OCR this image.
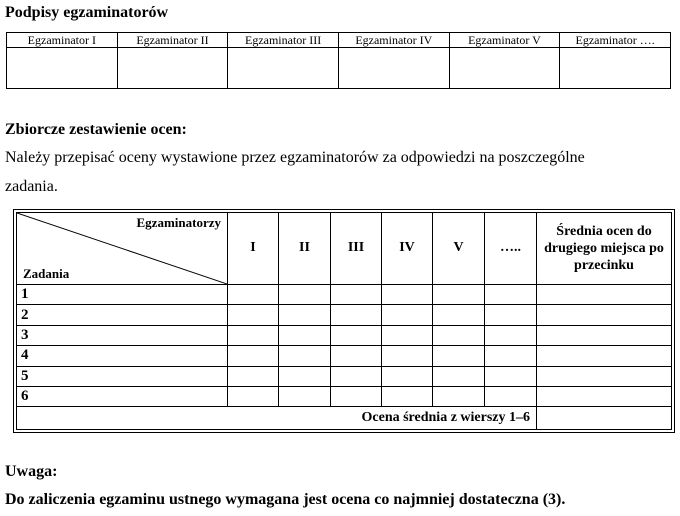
Podpisy egzaminatorów
Egzaminator I	Egzaminator II	Egzaminator III	Egzaminator IV	Egzaminator V	Egzaminator ….

Zbiorcze zestawienie ocen:
Należy przepisać oceny wystawione przez egzaminatorów za odpowiedzi na poszczególne
zadania.
Egzaminatorzy
Zadania	I	II	III	IV	V	…..	Średnia ocen do drugiego miejsca po przecinku
1							
2							
3							
4							
5							
6							
Ocena średnia z wierszy 1–6							
Uwaga:
Do zaliczenia egzaminu ustnego wymagana jest ocena co najmniej dostateczna (3).
